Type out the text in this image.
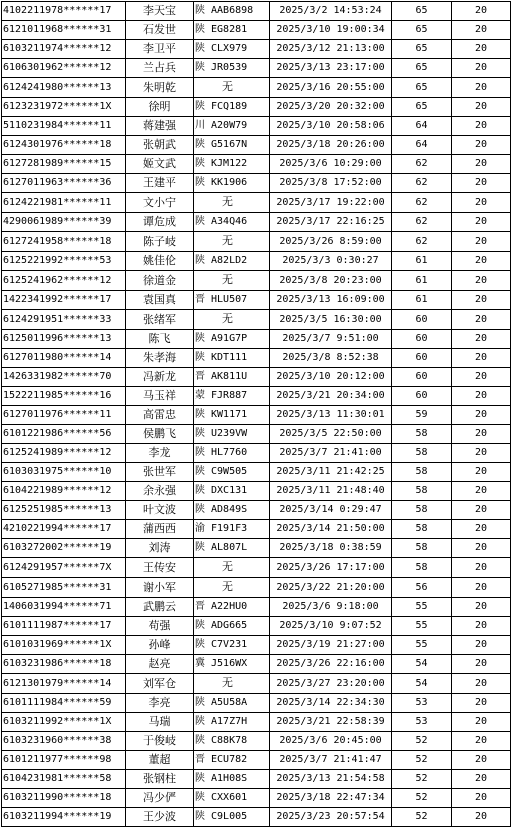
4102211978******17	李天宝	陕 AAB6898	2025/3/2 14:53:24	65	20
6121011968******31	石发世	陕 EG8281	2025/3/10 19:00:34	65	20
6103211974******12	李卫平	陕 CLX979	2025/3/12 21:13:00	65	20
6106301962******12	兰占兵	陕 JR0539	2025/3/13 23:17:00	65	20
6124241980******13	朱明乾	无	2025/3/16 20:55:00	65	20
6123231972******1X	徐明	陕 FCQ189	2025/3/20 20:32:00	65	20
5110231984******11	蒋建强	川 A20W79	2025/3/10 20:58:06	64	20
6124301976******18	张朝武	陕 G5167N	2025/3/18 20:26:00	64	20
6127281989******15	姬文武	陕 KJM122	2025/3/6 10:29:00	62	20
6127011963******36	王建平	陕 KK1906	2025/3/8 17:52:00	62	20
6124221981******11	文小宁	无	2025/3/17 19:22:00	62	20
4290061989******39	谭危成	陕 A34Q46	2025/3/17 22:16:25	62	20
6127241958******18	陈子岐	无	2025/3/26 8:59:00	62	20
6125221992******53	姚佳伦	陕 A82LD2	2025/3/3 0:30:27	61	20
6125241962******12	徐道金	无	2025/3/8 20:23:00	61	20
1422341992******17	袁国真	晋 HLU507	2025/3/13 16:09:00	61	20
6124291951******33	张绪军	无	2025/3/5 16:30:00	60	20
6125011996******13	陈飞	陕 A91G7P	2025/3/7 9:51:00	60	20
6127011980******14	朱孝海	陕 KDT111	2025/3/8 8:52:38	60	20
1426331982******70	冯新龙	晋 AK811U	2025/3/10 20:12:00	60	20
1522211985******16	马玉祥	蒙 FJR887	2025/3/21 20:34:00	60	20
6127011976******11	高雷忠	陕 KW1171	2025/3/13 11:30:01	59	20
6101221986******56	侯鹏飞	陕 U239VW	2025/3/5 22:50:00	58	20
6125241989******12	李龙	陕 HL7760	2025/3/7 21:41:00	58	20
6103031975******10	张世军	陕 C9W505	2025/3/11 21:42:25	58	20
6104221989******12	余永强	陕 DXC131	2025/3/11 21:48:40	58	20
6125251985******13	叶文波	陕 AD849S	2025/3/14 0:29:47	58	20
4210221994******17	蒲西西	渝 F191F3	2025/3/14 21:50:00	58	20
6103272002******19	刘涛	陕 AL807L	2025/3/18 0:38:59	58	20
6124291957******7X	王传安	无	2025/3/26 17:17:00	58	20
6105271985******31	谢小军	无	2025/3/22 21:20:00	56	20
1406031994******71	武鹏云	晋 A22HU0	2025/3/6 9:18:00	55	20
6101111987******17	苟强	陕 ADG665	2025/3/10 9:07:52	55	20
6101031969******1X	孙峰	陕 C7V231	2025/3/19 21:27:00	55	20
6103231986******18	赵亮	冀 J516WX	2025/3/26 22:16:00	54	20
6121301979******14	刘军仓	无	2025/3/27 23:20:00	54	20
6101111984******59	李亮	陕 A5U58A	2025/3/14 22:34:30	53	20
6103211992******1X	马瑞	陕 A17Z7H	2025/3/21 22:58:39	53	20
6103231960******38	于俊岐	陕 C88K78	2025/3/6 20:45:00	52	20
6101211977******98	董超	晋 ECU782	2025/3/7 21:41:47	52	20
6104231981******58	张钢柱	陕 A1H08S	2025/3/13 21:54:58	52	20
6103211990******18	冯少俨	陕 CXX601	2025/3/18 22:47:34	52	20
6103211994******19	王少波	陕 C9L005	2025/3/23 20:57:54	52	20
